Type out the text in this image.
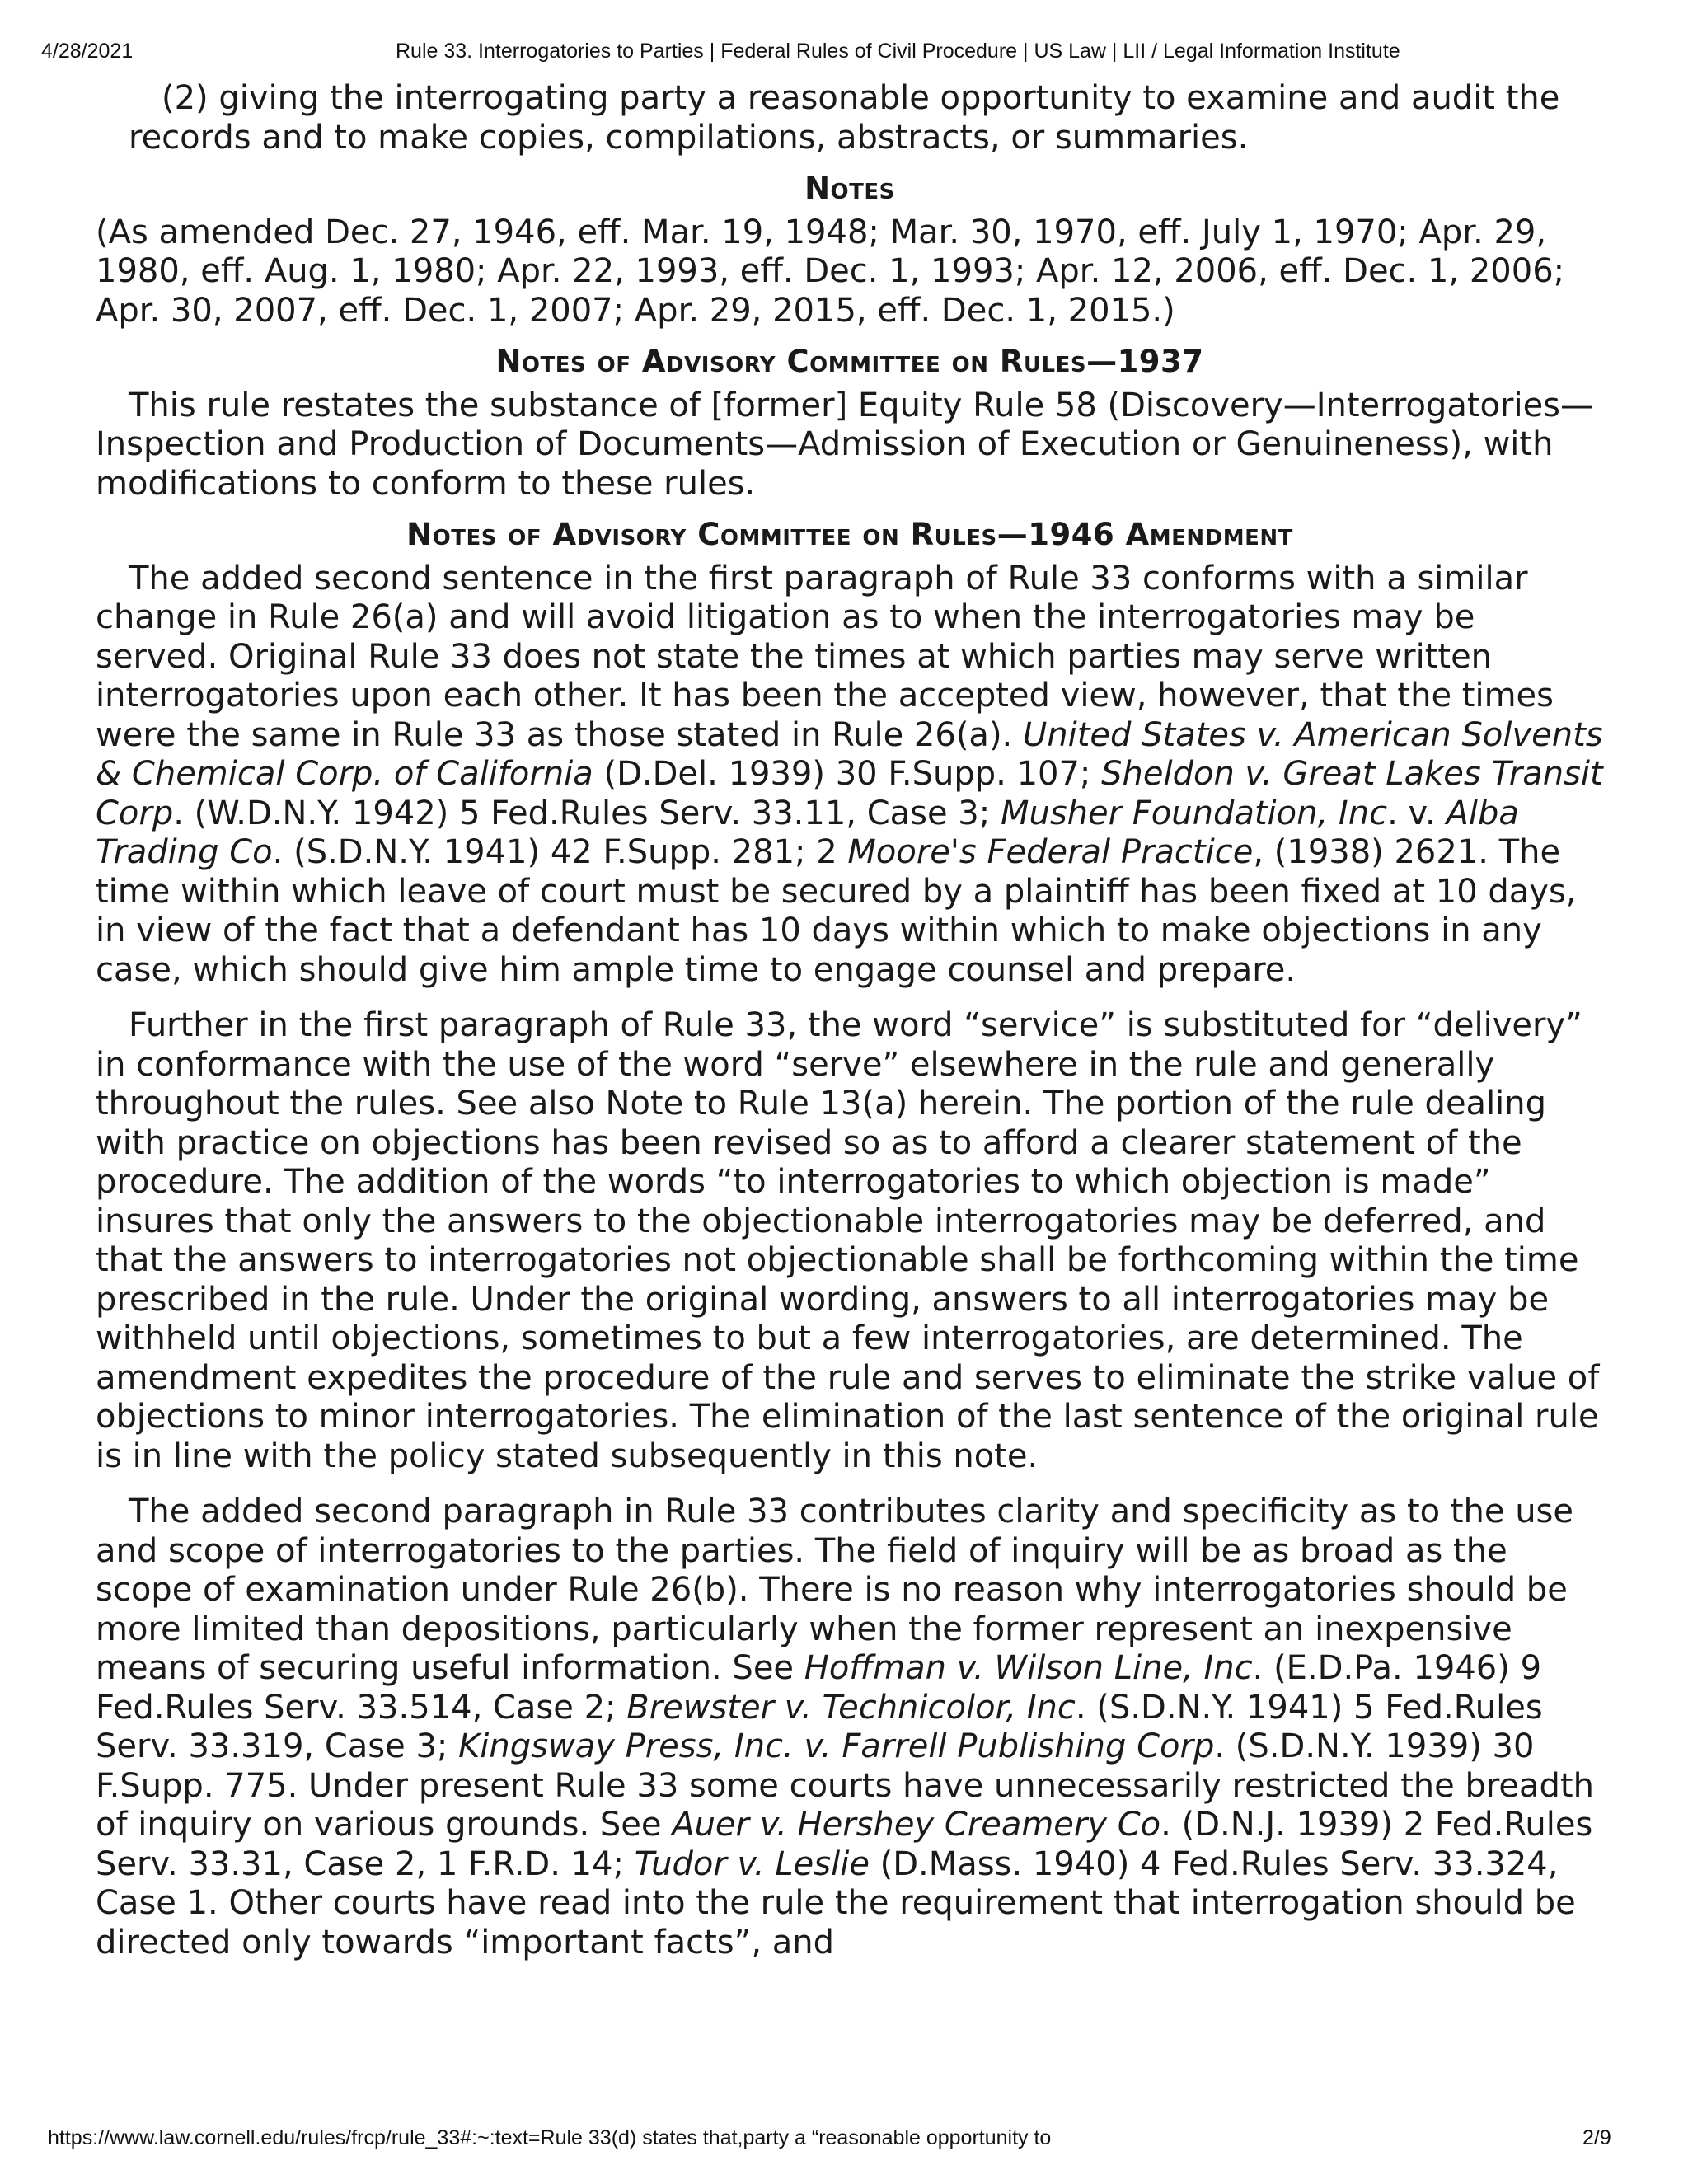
4/28/2021	Rule 33. Interrogatories to Parties | Federal Rules of Civil Procedure | US Law | LII / Legal Information Institute

(2) giving the interrogating party a reasonable opportunity to examine and audit the records and to make copies, compilations, abstracts, or summaries.

Notes

(As amended Dec. 27, 1946, eff. Mar. 19, 1948; Mar. 30, 1970, eff. July 1, 1970; Apr. 29, 1980, eff. Aug. 1, 1980; Apr. 22, 1993, eff. Dec. 1, 1993; Apr. 12, 2006, eff. Dec. 1, 2006; Apr. 30, 2007, eff. Dec. 1, 2007; Apr. 29, 2015, eff. Dec. 1, 2015.)

Notes of Advisory Committee on Rules—1937

This rule restates the substance of [former] Equity Rule 58 (Discovery—Interrogatories—Inspection and Production of Documents—Admission of Execution or Genuineness), with modifications to conform to these rules.

Notes of Advisory Committee on Rules—1946 Amendment

The added second sentence in the first paragraph of Rule 33 conforms with a similar change in Rule 26(a) and will avoid litigation as to when the interrogatories may be served. Original Rule 33 does not state the times at which parties may serve written interrogatories upon each other. It has been the accepted view, however, that the times were the same in Rule 33 as those stated in Rule 26(a). United States v. American Solvents & Chemical Corp. of California (D.Del. 1939) 30 F.Supp. 107; Sheldon v. Great Lakes Transit Corp. (W.D.N.Y. 1942) 5 Fed.Rules Serv. 33.11, Case 3; Musher Foundation, Inc. v. Alba Trading Co. (S.D.N.Y. 1941) 42 F.Supp. 281; 2 Moore's Federal Practice, (1938) 2621. The time within which leave of court must be secured by a plaintiff has been fixed at 10 days, in view of the fact that a defendant has 10 days within which to make objections in any case, which should give him ample time to engage counsel and prepare.

Further in the first paragraph of Rule 33, the word “service” is substituted for “delivery” in conformance with the use of the word “serve” elsewhere in the rule and generally throughout the rules. See also Note to Rule 13(a) herein. The portion of the rule dealing with practice on objections has been revised so as to afford a clearer statement of the procedure. The addition of the words “to interrogatories to which objection is made” insures that only the answers to the objectionable interrogatories may be deferred, and that the answers to interrogatories not objectionable shall be forthcoming within the time prescribed in the rule. Under the original wording, answers to all interrogatories may be withheld until objections, sometimes to but a few interrogatories, are determined. The amendment expedites the procedure of the rule and serves to eliminate the strike value of objections to minor interrogatories. The elimination of the last sentence of the original rule is in line with the policy stated subsequently in this note.

The added second paragraph in Rule 33 contributes clarity and specificity as to the use and scope of interrogatories to the parties. The field of inquiry will be as broad as the scope of examination under Rule 26(b). There is no reason why interrogatories should be more limited than depositions, particularly when the former represent an inexpensive means of securing useful information. See Hoffman v. Wilson Line, Inc. (E.D.Pa. 1946) 9 Fed.Rules Serv. 33.514, Case 2; Brewster v. Technicolor, Inc. (S.D.N.Y. 1941) 5 Fed.Rules Serv. 33.319, Case 3; Kingsway Press, Inc. v. Farrell Publishing Corp. (S.D.N.Y. 1939) 30 F.Supp. 775. Under present Rule 33 some courts have unnecessarily restricted the breadth of inquiry on various grounds. See Auer v. Hershey Creamery Co. (D.N.J. 1939) 2 Fed.Rules Serv. 33.31, Case 2, 1 F.R.D. 14; Tudor v. Leslie (D.Mass. 1940) 4 Fed.Rules Serv. 33.324, Case 1. Other courts have read into the rule the requirement that interrogation should be directed only towards “important facts”, and

https://www.law.cornell.edu/rules/frcp/rule_33#:~:text=Rule 33(d) states that,party a “reasonable opportunity to	2/9
